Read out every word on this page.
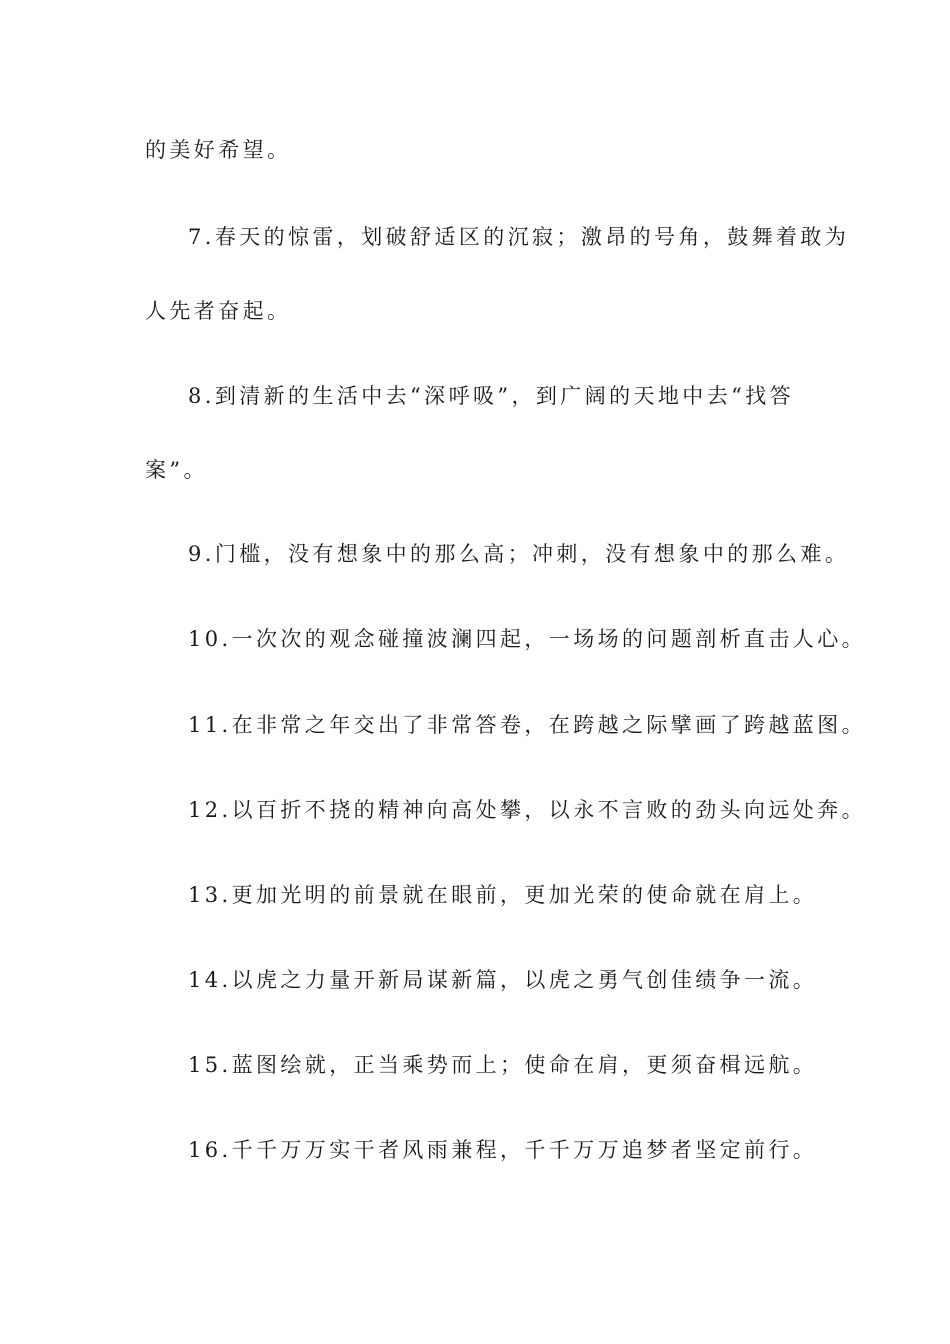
的美好希望。
7.春天的惊雷，划破舒适区的沉寂；激昂的号角，鼓舞着敢为
人先者奋起。
8.到清新的生活中去“深呼吸”，到广阔的天地中去“找答
案”。
9.门槛，没有想象中的那么高；冲刺，没有想象中的那么难。
10.一次次的观念碰撞波澜四起，一场场的问题剖析直击人心。
11.在非常之年交出了非常答卷，在跨越之际擘画了跨越蓝图。
12.以百折不挠的精神向高处攀，以永不言败的劲头向远处奔。
13.更加光明的前景就在眼前，更加光荣的使命就在肩上。
14.以虎之力量开新局谋新篇，以虎之勇气创佳绩争一流。
15.蓝图绘就，正当乘势而上；使命在肩，更须奋楫远航。
16.千千万万实干者风雨兼程，千千万万追梦者坚定前行。
